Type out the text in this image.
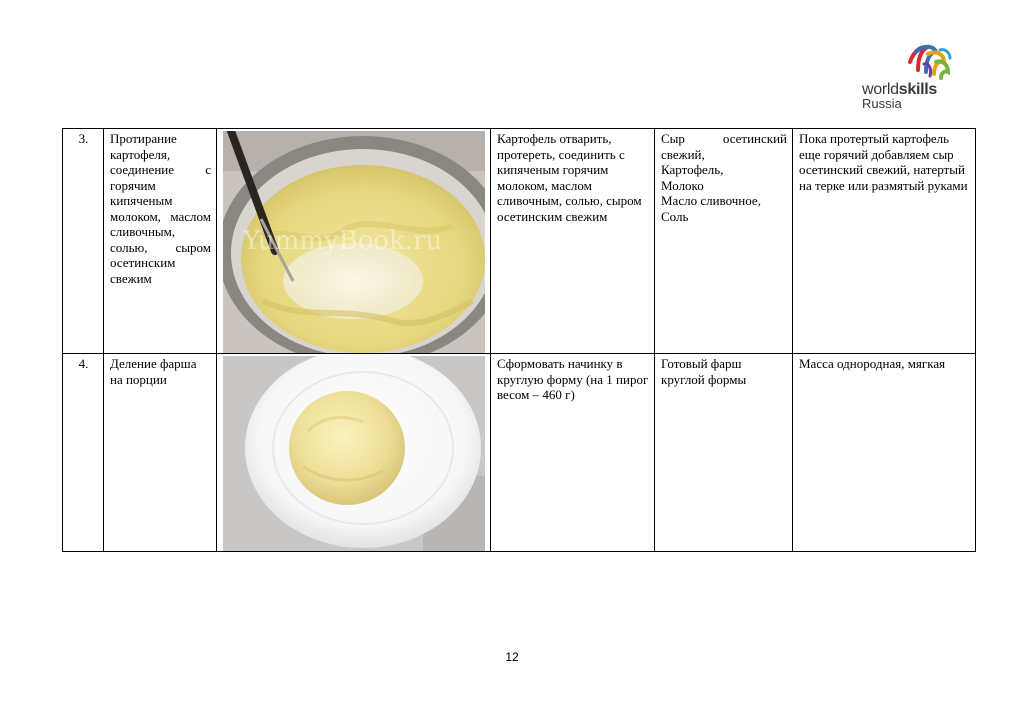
worldskills
Russia
3.	Протирание картофеля, соединение с горячим кипяченым молоком, маслом сливочным, солью, сыром осетинским свежим	YummyBook.ru	Картофель отварить, протереть, соединить с кипяченым горячим молоком, маслом сливочным, солью, сыром осетинским свежим	Сыр осетинский свежий,
Картофель,
Молоко
Масло сливочное,
Соль	Пока протертый картофель еще горячий добавляем сыр осетинский свежий, натертый на терке или размятый руками
4.	Деление фарша на порции		Сформовать начинку в круглую форму (на 1 пирог весом – 460 г)	Готовый фарш круглой формы	Масса однородная, мягкая
12
